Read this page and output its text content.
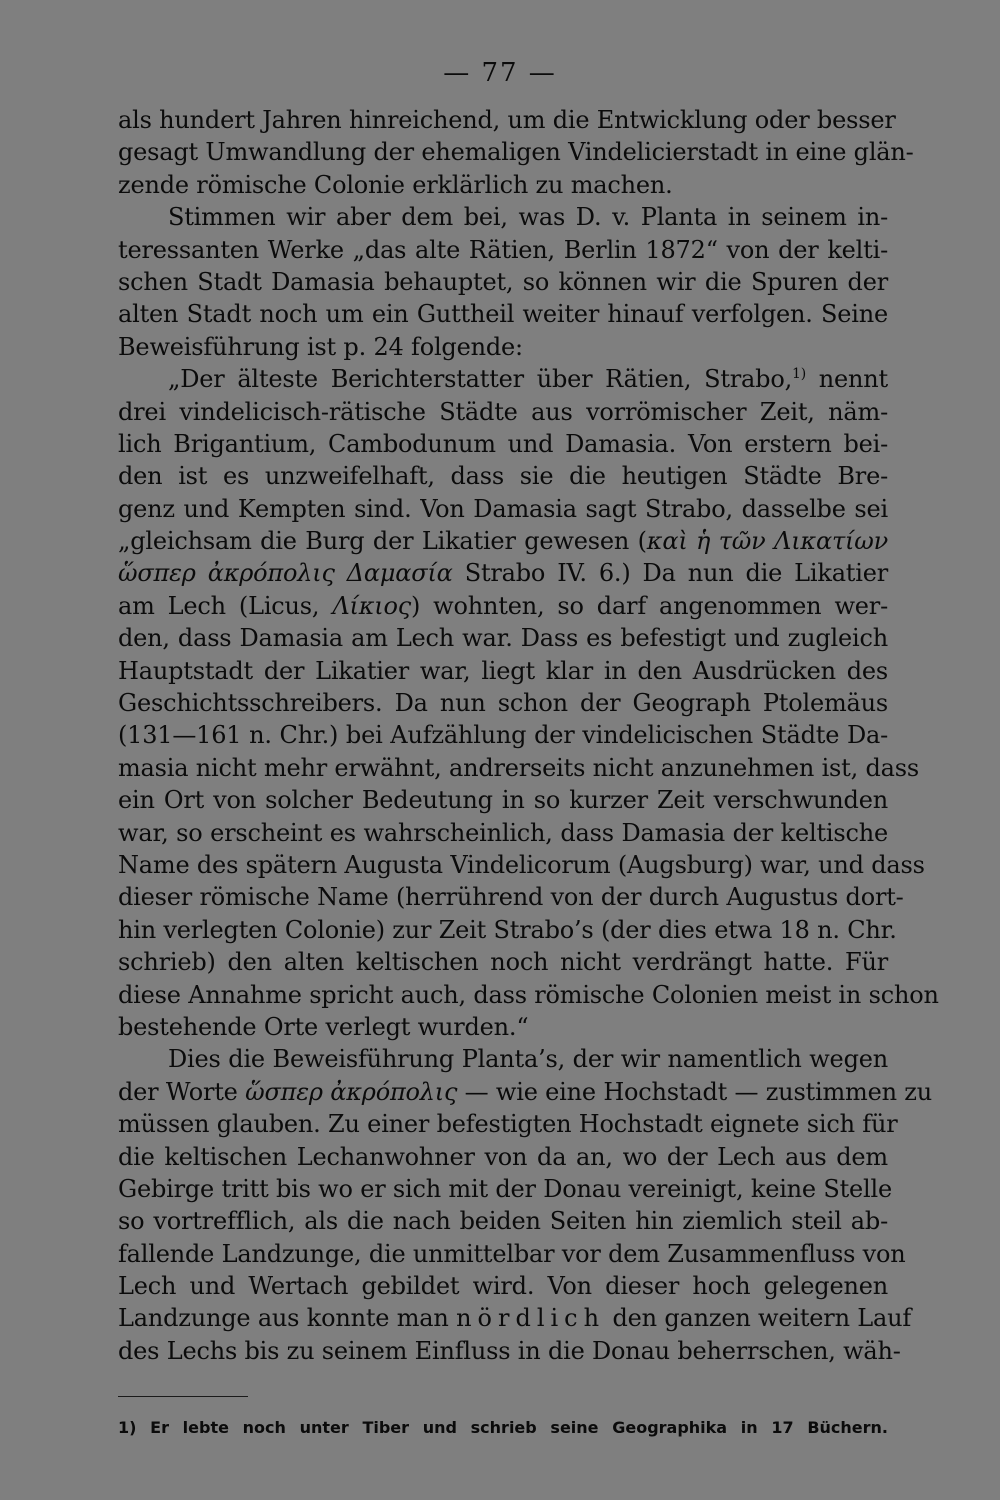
— 77 —
als hundert Jahren hinreichend, um die Entwicklung oder besser
gesagt Umwandlung der ehemaligen Vindelicierstadt in eine glän-
zende römische Colonie erklärlich zu machen.
Stimmen wir aber dem bei, was D. v. Planta in seinem in-
teressanten Werke „das alte Rätien, Berlin 1872“ von der kelti-
schen Stadt Damasia behauptet, so können wir die Spuren der
alten Stadt noch um ein Guttheil weiter hinauf verfolgen. Seine
Beweisführung ist p. 24 folgende:
„Der älteste Berichterstatter über Rätien, Strabo,$^{1)}$ nennt
drei vindelicisch-rätische Städte aus vorrömischer Zeit, näm-
lich Brigantium, Cambodunum und Damasia. Von erstern bei-
den ist es unzweifelhaft, dass sie die heutigen Städte Bre-
genz und Kempten sind. Von Damasia sagt Strabo, dasselbe sei
„gleichsam die Burg der Likatier gewesen (καὶ ἡ τῶν Λικατίων
ὥσπερ ἀκρόπολις Δαμασία Strabo IV. 6.) Da nun die Likatier
am Lech (Licus, Λίκιος) wohnten, so darf angenommen wer-
den, dass Damasia am Lech war. Dass es befestigt und zugleich
Hauptstadt der Likatier war, liegt klar in den Ausdrücken des
Geschichtsschreibers. Da nun schon der Geograph Ptolemäus
(131—161 n. Chr.) bei Aufzählung der vindelicischen Städte Da-
masia nicht mehr erwähnt, andrerseits nicht anzunehmen ist, dass
ein Ort von solcher Bedeutung in so kurzer Zeit verschwunden
war, so erscheint es wahrscheinlich, dass Damasia der keltische
Name des spätern Augusta Vindelicorum (Augsburg) war, und dass
dieser römische Name (herrührend von der durch Augustus dort-
hin verlegten Colonie) zur Zeit Strabo’s (der dies etwa 18 n. Chr.
schrieb) den alten keltischen noch nicht verdrängt hatte. Für
diese Annahme spricht auch, dass römische Colonien meist in schon
bestehende Orte verlegt wurden.“
Dies die Beweisführung Planta’s, der wir namentlich wegen
der Worte ὥσπερ ἀκρόπολις — wie eine Hochstadt — zustimmen zu
müssen glauben. Zu einer befestigten Hochstadt eignete sich für
die keltischen Lechanwohner von da an, wo der Lech aus dem
Gebirge tritt bis wo er sich mit der Donau vereinigt, keine Stelle
so vortrefflich, als die nach beiden Seiten hin ziemlich steil ab-
fallende Landzunge, die unmittelbar vor dem Zusammenfluss von
Lech und Wertach gebildet wird. Von dieser hoch gelegenen
Landzunge aus konnte man nördlich den ganzen weitern Lauf
des Lechs bis zu seinem Einfluss in die Donau beherrschen, wäh-
1) Er lebte noch unter Tiber und schrieb seine Geographika in 17 Büchern.
